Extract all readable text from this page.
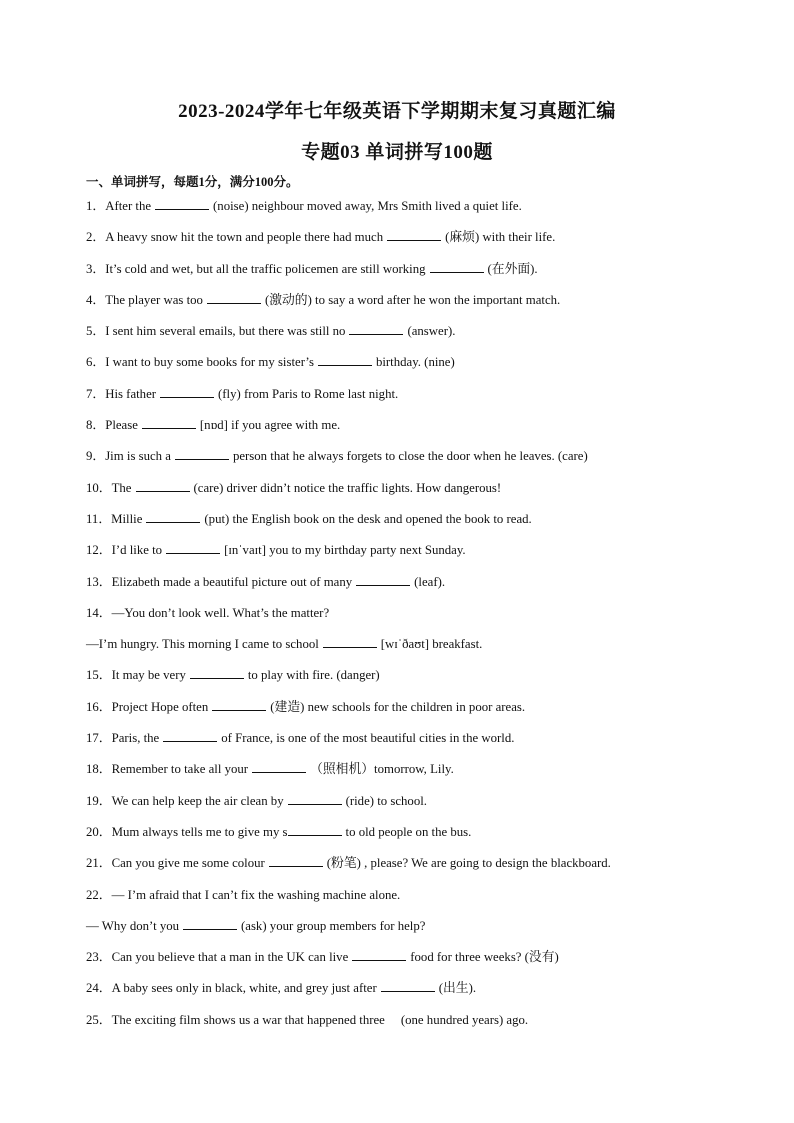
2023-2024学年七年级英语下学期期末复习真题汇编
专题03 单词拼写100题
一、单词拼写，每题1分，满分100分。
1．After the	(noise) neighbour moved away, Mrs Smith lived a quiet life.
2．A heavy snow hit the town and people there had much	(麻烦) with their life.
3．It’s cold and wet, but all the traffic policemen are still working	(在外面).
4．The player was too	(激动的) to say a word after he won the important match.
5．I sent him several emails, but there was still no	(answer).
6．I want to buy some books for my sister’s	birthday. (nine)
7．His father	(fly) from Paris to Rome last night.
8．Please	[nɒd] if you agree with me.
9．Jim is such a	person that he always forgets to close the door when he leaves. (care)
10．The	(care) driver didn’t notice the traffic lights. How dangerous!
11．Millie	(put) the English book on the desk and opened the book to read.
12．I’d like to	[ɪnˈvaɪt] you to my birthday party next Sunday.
13．Elizabeth made a beautiful picture out of many	(leaf).
14．—You don’t look well. What’s the matter?
—I’m hungry. This morning I came to school	[wɪˈðaʊt] breakfast.
15．It may be very	to play with fire. (danger)
16．Project Hope often	(建造) new schools for the children in poor areas.
17．Paris, the	of France, is one of the most beautiful cities in the world.
18．Remember to take all your	（照相机）tomorrow, Lily.
19．We can help keep the air clean by	(ride) to school.
20．Mum always tells me to give my s	to old people on the bus.
21．Can you give me some colour	(粉笔) , please? We are going to design the blackboard.
22．— I’m afraid that I can’t fix the washing machine alone.
— Why don’t you	(ask) your group members for help?
23．Can you believe that a man in the UK can live	food for three weeks? (没有)
24．A baby sees only in black, white, and grey just after	(出生).
25．The exciting film shows us a war that happened three (one hundred years) ago.
